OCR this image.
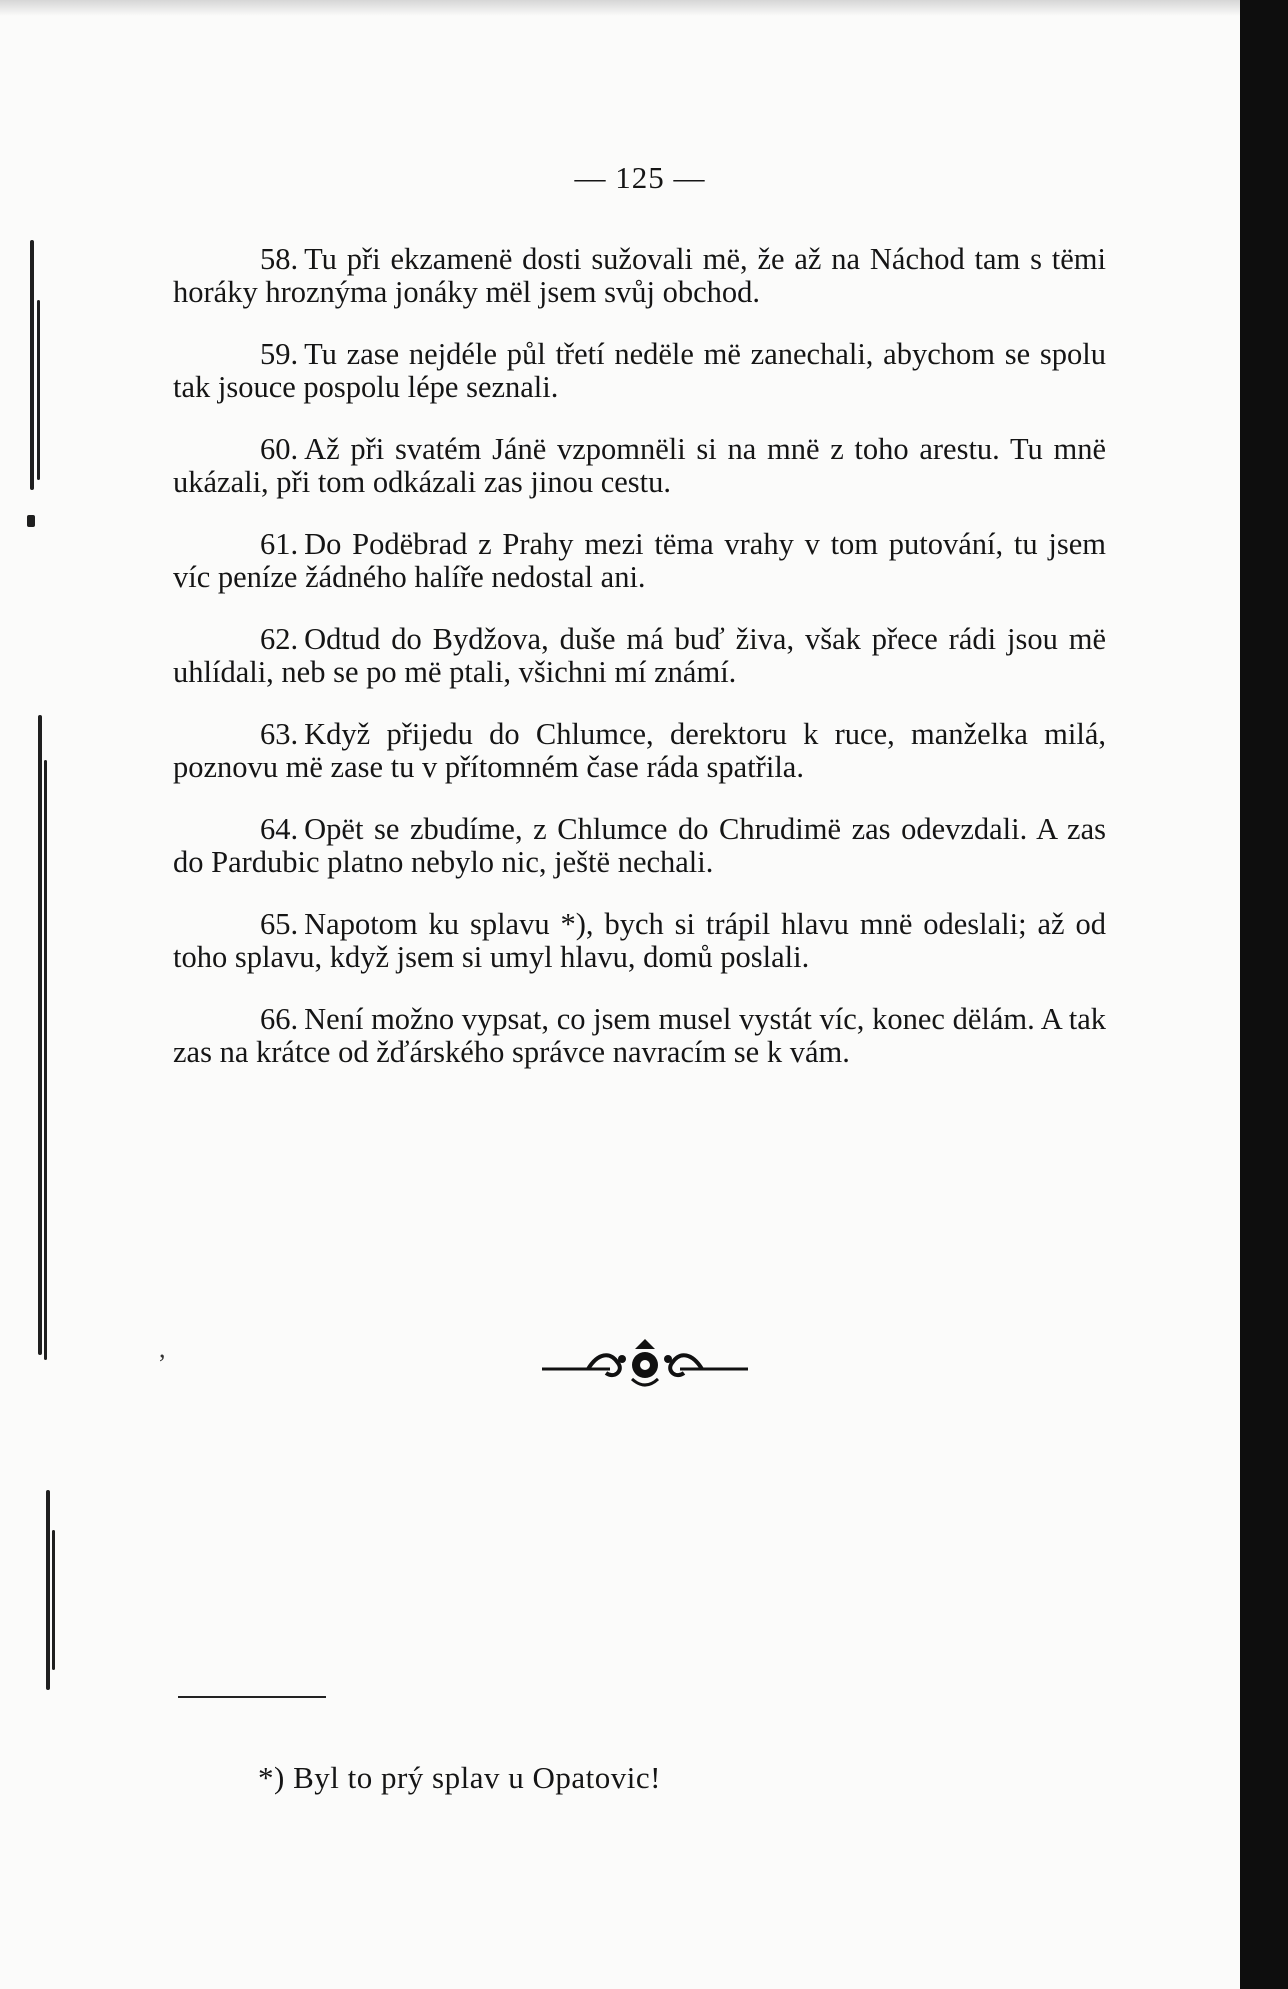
— 125 —

58. Tu při ekzamenë dosti sužovali më, že až na Náchod tam s tëmi horáky hroznýma jonáky mël jsem svůj obchod.

59. Tu zase nejdéle půl třetí nedële më zanechali, abychom se spolu tak jsouce pospolu lépe seznali.

60. Až při svatém Jánë vzpomnëli si na mnë z toho arestu. Tu mnë ukázali, při tom odkázali zas jinou cestu.

61. Do Podëbrad z Prahy mezi tëma vrahy v tom putování, tu jsem víc peníze žádného halíře nedostal ani.

62. Odtud do Bydžova, duše má buď živa, však přece rádi jsou më uhlídali, neb se po më ptali, všichni mí známí.

63. Když přijedu do Chlumce, derektoru k ruce, manželka milá, poznovu më zase tu v přítomném čase ráda spatřila.

64. Opët se zbudíme, z Chlumce do Chrudimë zas odevzdali. A zas do Pardubic platno nebylo nic, ještë nechali.

65. Napotom ku splavu *), bych si trápil hlavu mnë odeslali; až od toho splavu, když jsem si umyl hlavu, domů poslali.

66. Není možno vypsat, co jsem musel vystát víc, konec dëlám. A tak zas na krátce od žďárského správce navracím se k vám.

,
*) Byl to prý splav u Opatovic!
